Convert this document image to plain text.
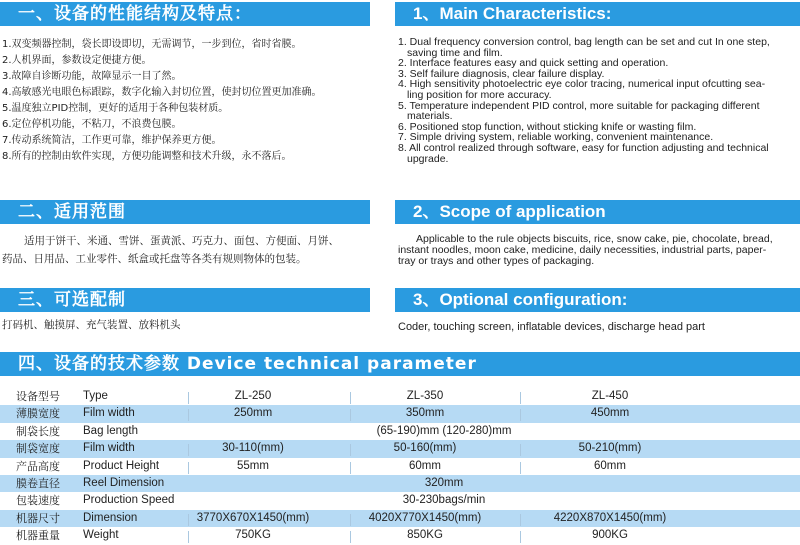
一、设备的性能结构及特点：	1、Main Characteristics:
1.双变频器控制，袋长即设即切，无需调节，一步到位，省时省膜。
2.人机界面，参数设定便捷方便。
3.故障自诊断功能，故障显示一目了然。
4.高敏感光电眼色标跟踪，数字化输入封切位置，使封切位置更加准确。
5.温度独立PID控制，更好的适用于各种包装材质。
6.定位停机功能，不粘刀，不浪费包膜。
7.传动系统简洁，工作更可靠，维护保养更方便。
8.所有的控制由软件实现，方便功能调整和技术升级，永不落后。
1. Dual frequency conversion control, bag length can be set and cut In one step,
saving time and film.
2. Interface features easy and quick setting and operation.
3. Self failure diagnosis, clear failure display.
4. High sensitivity photoelectric eye color tracing, numerical input ofcutting sea-
ling position for more accuracy.
5. Temperature independent PID control, more suitable for packaging different
materials.
6. Positioned stop function, without sticking knife or wasting film.
7. Simple driving system, reliable working, convenient maintenance.
8. All control realized through software, easy for function adjusting and technical
upgrade.
二、适用范围	2、Scope of application
适用于饼干、米通、雪饼、蛋黄派、巧克力、面包、方便面、月饼、
药品、日用品、工业零件、纸盒或托盘等各类有规则物体的包装。
Applicable to the rule objects biscuits, rice, snow cake, pie, chocolate, bread,
instant noodles, moon cake, medicine, daily necessities, industrial parts, paper-
tray or trays and other types of packaging.
三、可选配制	3、Optional configuration:
打码机、触摸屏、充气装置、放料机头	Coder, touching screen, inflatable devices, discharge head part
四、设备的技术参数 Device technical parameter
设备型号	Type	ZL-250	ZL-350	ZL-450
薄膜宽度	Film width	250mm	350mm	450mm
制袋长度	Bag length	(65-190)mm (120-280)mm
制袋宽度	Film width	30-110(mm)	50-160(mm)	50-210(mm)
产品高度	Product Height	55mm	60mm	60mm
膜卷直径	Reel Dimension	320mm
包装速度	Production Speed	30-230bags/min
机器尺寸	Dimension	3770X670X1450(mm)	4020X770X1450(mm)	4220X870X1450(mm)
机器重量	Weight	750KG	850KG	900KG
